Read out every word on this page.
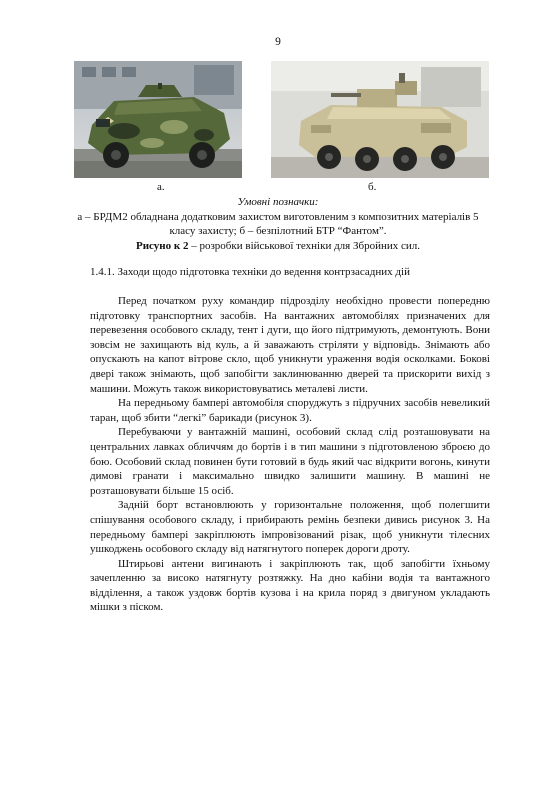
9
а.	б.
Умовні позначки:
а – БРДМ2 обладнана додатковим захистом виготовленим з композитних матеріалів 5 класу захисту; б – безпілотний БТР “Фантом”.
Рисуно к 2 – розробки військової техніки для Збройних сил.
1.4.1. Заходи щодо підготовка техніки до ведення контрзасадних дій

Перед початком руху командир підрозділу необхідно провести попередню підготовку транспортних засобів. На вантажних автомобілях призначених для перевезення особового складу, тент і дуги, що його підтримують, демонтують. Вони зовсім не захищають від куль, а й заважають стріляти у відповідь. Знімають або опускають на капот вітрове скло, щоб уникнути ураження водія осколками. Бокові двері також знімають, щоб запобігти заклинюванню дверей та прискорити вихід з машини. Можуть також використовуватись металеві листи.

На передньому бампері автомобіля споруджуть з підручних засобів невеликий таран, щоб збити “легкі” барикади (рисунок 3).

Перебуваючи у вантажній машині, особовий склад слід розташовувати на центральних лавках обличчям до бортів і в тип машини з підготовленою зброєю до бою. Особовий склад повинен бути готовий в будь який час відкрити вогонь, кинути димові гранати і максимально швидко залишити машину. В машині не розташовувати більше 15 осіб.

Задній борт встановлюють у горизонтальне положення, щоб полегшити спішування особового складу, і прибирають ремінь безпеки дивись рисунок 3. На передньому бампері закріплюють імпровізований різак, щоб уникнути тілесних ушкоджень особового складу від натягнутого поперек дороги дроту.

Штирьові антени вигинають і закріплюють так, щоб запобігти їхньому зачепленню за високо натягнуту розтяжку. На дно кабіни водія та вантажного відділення, а також уздовж бортів кузова і на крила поряд з двигуном укладають мішки з піском.
